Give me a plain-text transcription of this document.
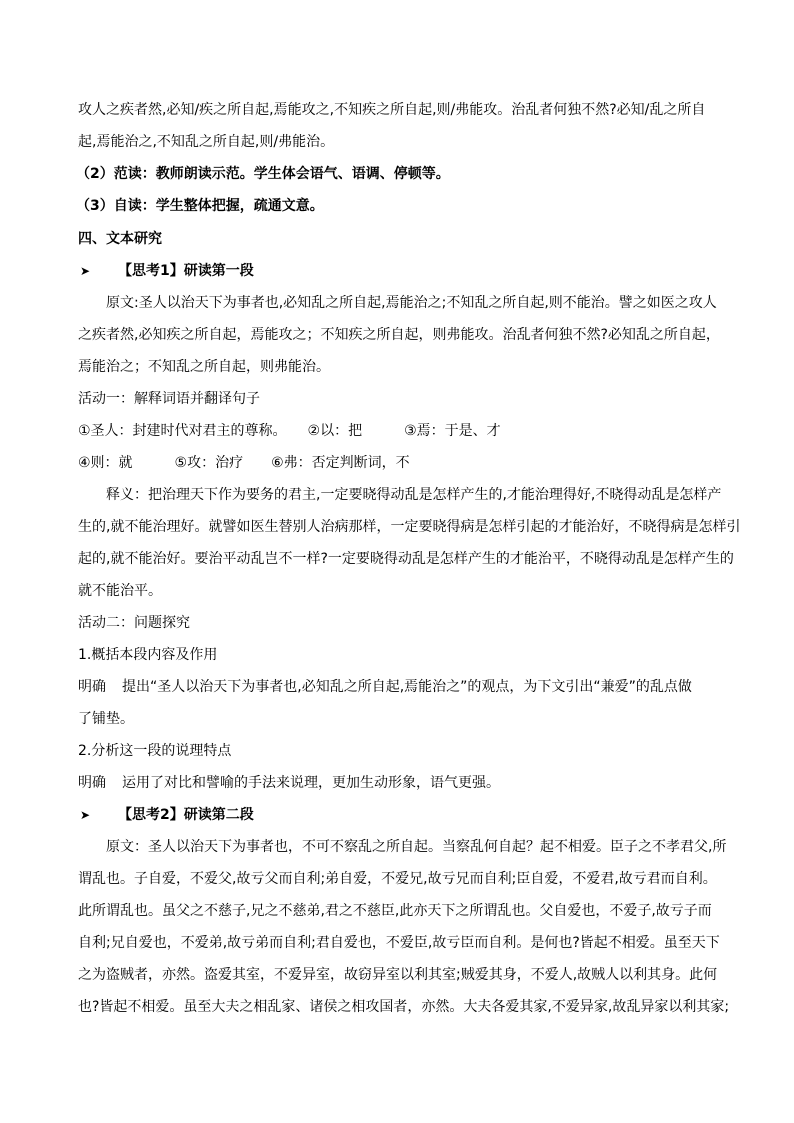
攻人之疾者然,必知/疾之所自起,焉能攻之,不知疾之所自起,则/弗能攻。治乱者何独不然?必知/乱之所自
起,焉能治之,不知乱之所自起,则/弗能治。
（2）范读：教师朗读示范。学生体会语气、语调、停顿等。
（3）自读：学生整体把握，疏通文意。
四、文本研究
➤ 【思考1】研读第一段
原文:圣人以治天下为事者也,必知乱之所自起,焉能治之;不知乱之所自起,则不能治。譬之如医之攻人
之疾者然,必知疾之所自起，焉能攻之；不知疾之所自起，则弗能攻。治乱者何独不然?必知乱之所自起，
焉能治之；不知乱之所自起，则弗能治。
活动一：解释词语并翻译句子
①圣人：封建时代对君主的尊称。　　②以：把　　　③焉：于是、才
④则：就　　　⑤攻：治疗　　⑥弗：否定判断词，不
释义：把治理天下作为要务的君主,一定要晓得动乱是怎样产生的,才能治理得好,不晓得动乱是怎样产
生的,就不能治理好。就譬如医生替别人治病那样，一定要晓得病是怎样引起的才能治好，不晓得病是怎样引
起的,就不能治好。要治平动乱岂不一样?一定要晓得动乱是怎样产生的才能治平，不晓得动乱是怎样产生的
就不能治平。
活动二：问题探究
1.概括本段内容及作用
明确 提出“圣人以治天下为事者也,必知乱之所自起,焉能治之”的观点，为下文引出“兼爱”的乱点做
了铺垫。
2.分析这一段的说理特点
明确 运用了对比和譬喻的手法来说理，更加生动形象，语气更强。
➤ 【思考2】研读第二段
原文：圣人以治天下为事者也，不可不察乱之所自起。当察乱何自起？起不相爱。臣子之不孝君父,所
谓乱也。子自爱，不爱父,故亏父而自利;弟自爱，不爱兄,故亏兄而自利;臣自爱，不爱君,故亏君而自利。
此所谓乱也。虽父之不慈子,兄之不慈弟,君之不慈臣,此亦天下之所谓乱也。父自爱也，不爱子,故亏子而
自利;兄自爱也，不爱弟,故亏弟而自利;君自爱也，不爱臣,故亏臣而自利。是何也?皆起不相爱。虽至天下
之为盗贼者，亦然。盗爱其室，不爱异室，故窃异室以利其室;贼爱其身，不爱人,故贼人以利其身。此何
也?皆起不相爱。虽至大夫之相乱家、诸侯之相攻国者，亦然。大夫各爱其家,不爱异家,故乱异家以利其家;
